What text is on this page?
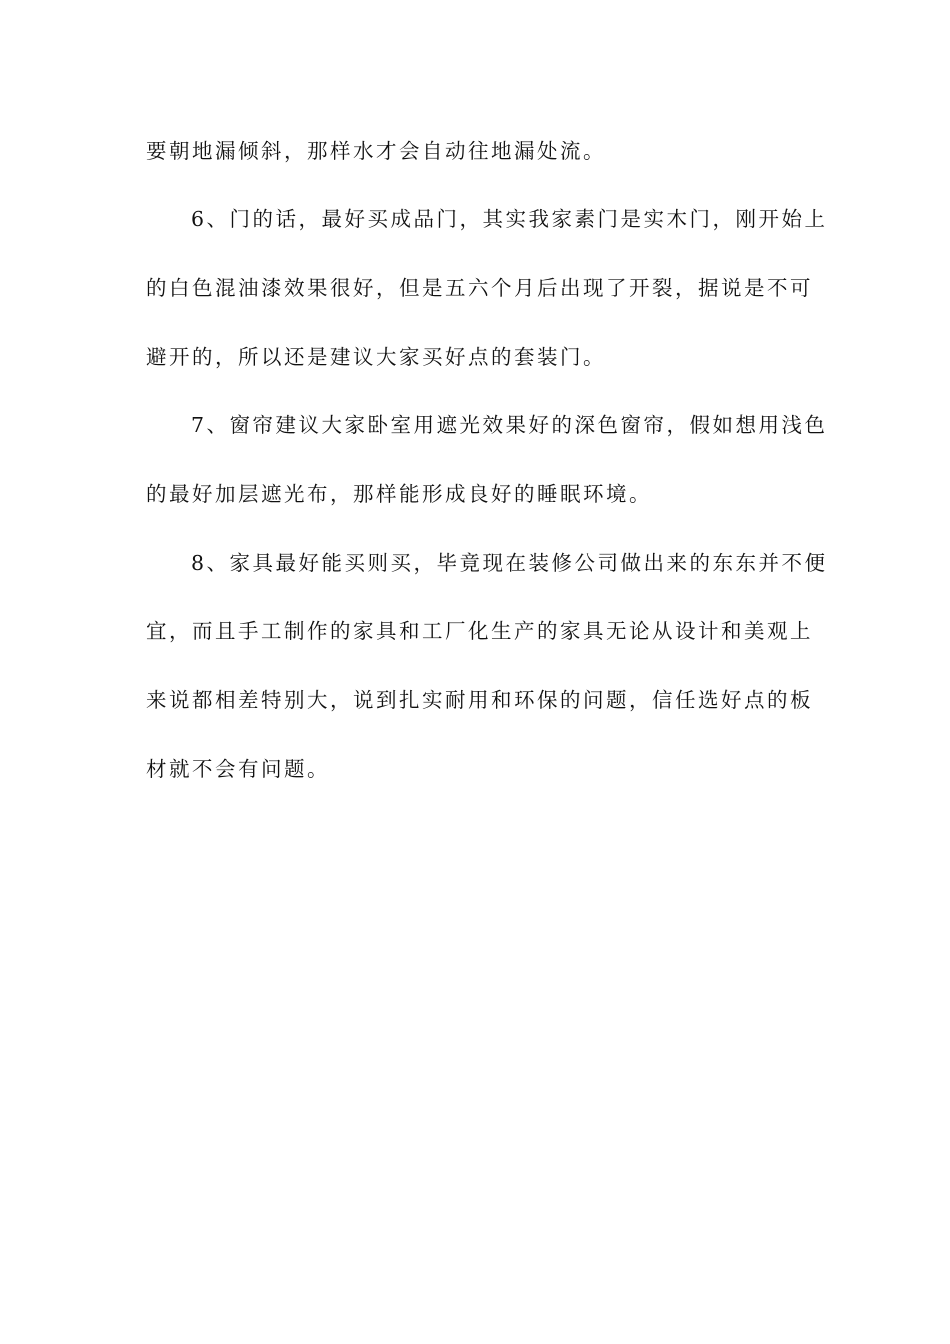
要朝地漏倾斜，那样水才会自动往地漏处流。
6、门的话，最好买成品门，其实我家素门是实木门，刚开始上
的白色混油漆效果很好，但是五六个月后出现了开裂，据说是不可
避开的，所以还是建议大家买好点的套装门。
7、窗帘建议大家卧室用遮光效果好的深色窗帘，假如想用浅色
的最好加层遮光布，那样能形成良好的睡眠环境。
8、家具最好能买则买，毕竟现在装修公司做出来的东东并不便
宜，而且手工制作的家具和工厂化生产的家具无论从设计和美观上
来说都相差特别大，说到扎实耐用和环保的问题，信任选好点的板
材就不会有问题。
